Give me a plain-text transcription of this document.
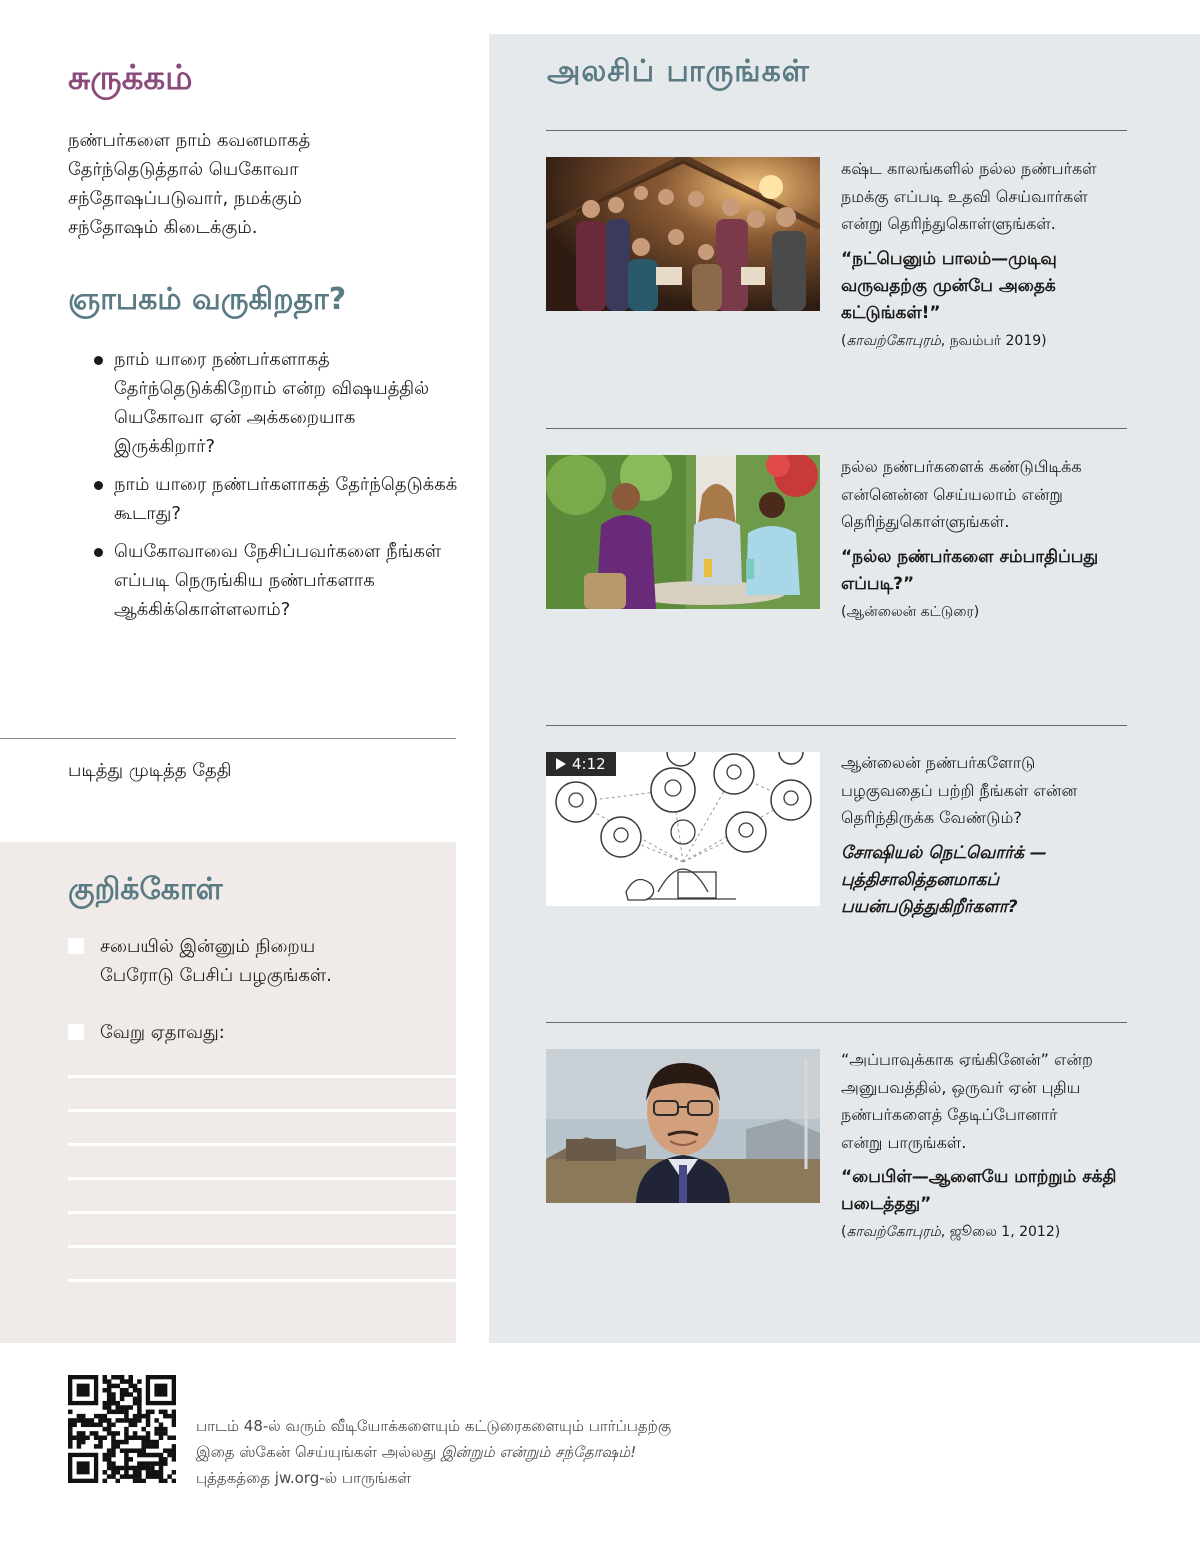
சுருக்கம்

நண்பர்களை நாம் கவனமாகத் தேர்ந்தெடுத்தால் யெகோவா சந்தோஷப்படுவார், நமக்கும் சந்தோஷம் கிடைக்கும்.

ஞாபகம் வருகிறதா?
நாம் யாரை நண்பர்களாகத் தேர்ந்தெடுக்கிறோம் என்ற விஷயத்தில் யெகோவா ஏன் அக்கறையாக இருக்கிறார்?
நாம் யாரை நண்பர்களாகத் தேர்ந்தெடுக்கக் கூடாது?
யெகோவாவை நேசிப்பவர்களை நீங்கள் எப்படி நெருங்கிய நண்பர்களாக ஆக்கிக்கொள்ளலாம்?
படித்து முடித்த தேதி
குறிக்கோள்
சபையில் இன்னும் நிறைய பேரோடு பேசிப் பழகுங்கள்.
வேறு ஏதாவது:
அலசிப் பாருங்கள்

கஷ்ட காலங்களில் நல்ல நண்பர்கள் நமக்கு எப்படி உதவி செய்வார்கள் என்று தெரிந்துகொள்ளுங்கள்.

“நட்பெனும் பாலம்—முடிவு வருவதற்கு முன்பே அதைக் கட்டுங்கள்!”

(காவற்கோபுரம், நவம்பர் 2019)

நல்ல நண்பர்களைக் கண்டுபிடிக்க என்னென்ன செய்யலாம் என்று தெரிந்துகொள்ளுங்கள்.

“நல்ல நண்பர்களை சம்பாதிப்பது எப்படி?”

(ஆன்லைன் கட்டுரை)

4:12	ஆன்லைன் நண்பர்களோடு பழகுவதைப் பற்றி நீங்கள் என்ன தெரிந்திருக்க வேண்டும்?

சோஷியல் நெட்வொர்க் —புத்திசாலித்தனமாகப் பயன்படுத்துகிறீர்களா?

“அப்பாவுக்காக ஏங்கினேன்” என்ற அனுபவத்தில், ஒருவர் ஏன் புதிய நண்பர்களைத் தேடிப்போனார் என்று பாருங்கள்.

“பைபிள்—ஆளையே மாற்றும் சக்தி படைத்தது”

(காவற்கோபுரம், ஜூலை 1, 2012)

பாடம் 48-ல் வரும் வீடியோக்களையும் கட்டுரைகளையும் பார்ப்பதற்கு இதை ஸ்கேன் செய்யுங்கள் அல்லது இன்றும் என்றும் சந்தோஷம்! புத்தகத்தை jw.org-ல் பாருங்கள்
